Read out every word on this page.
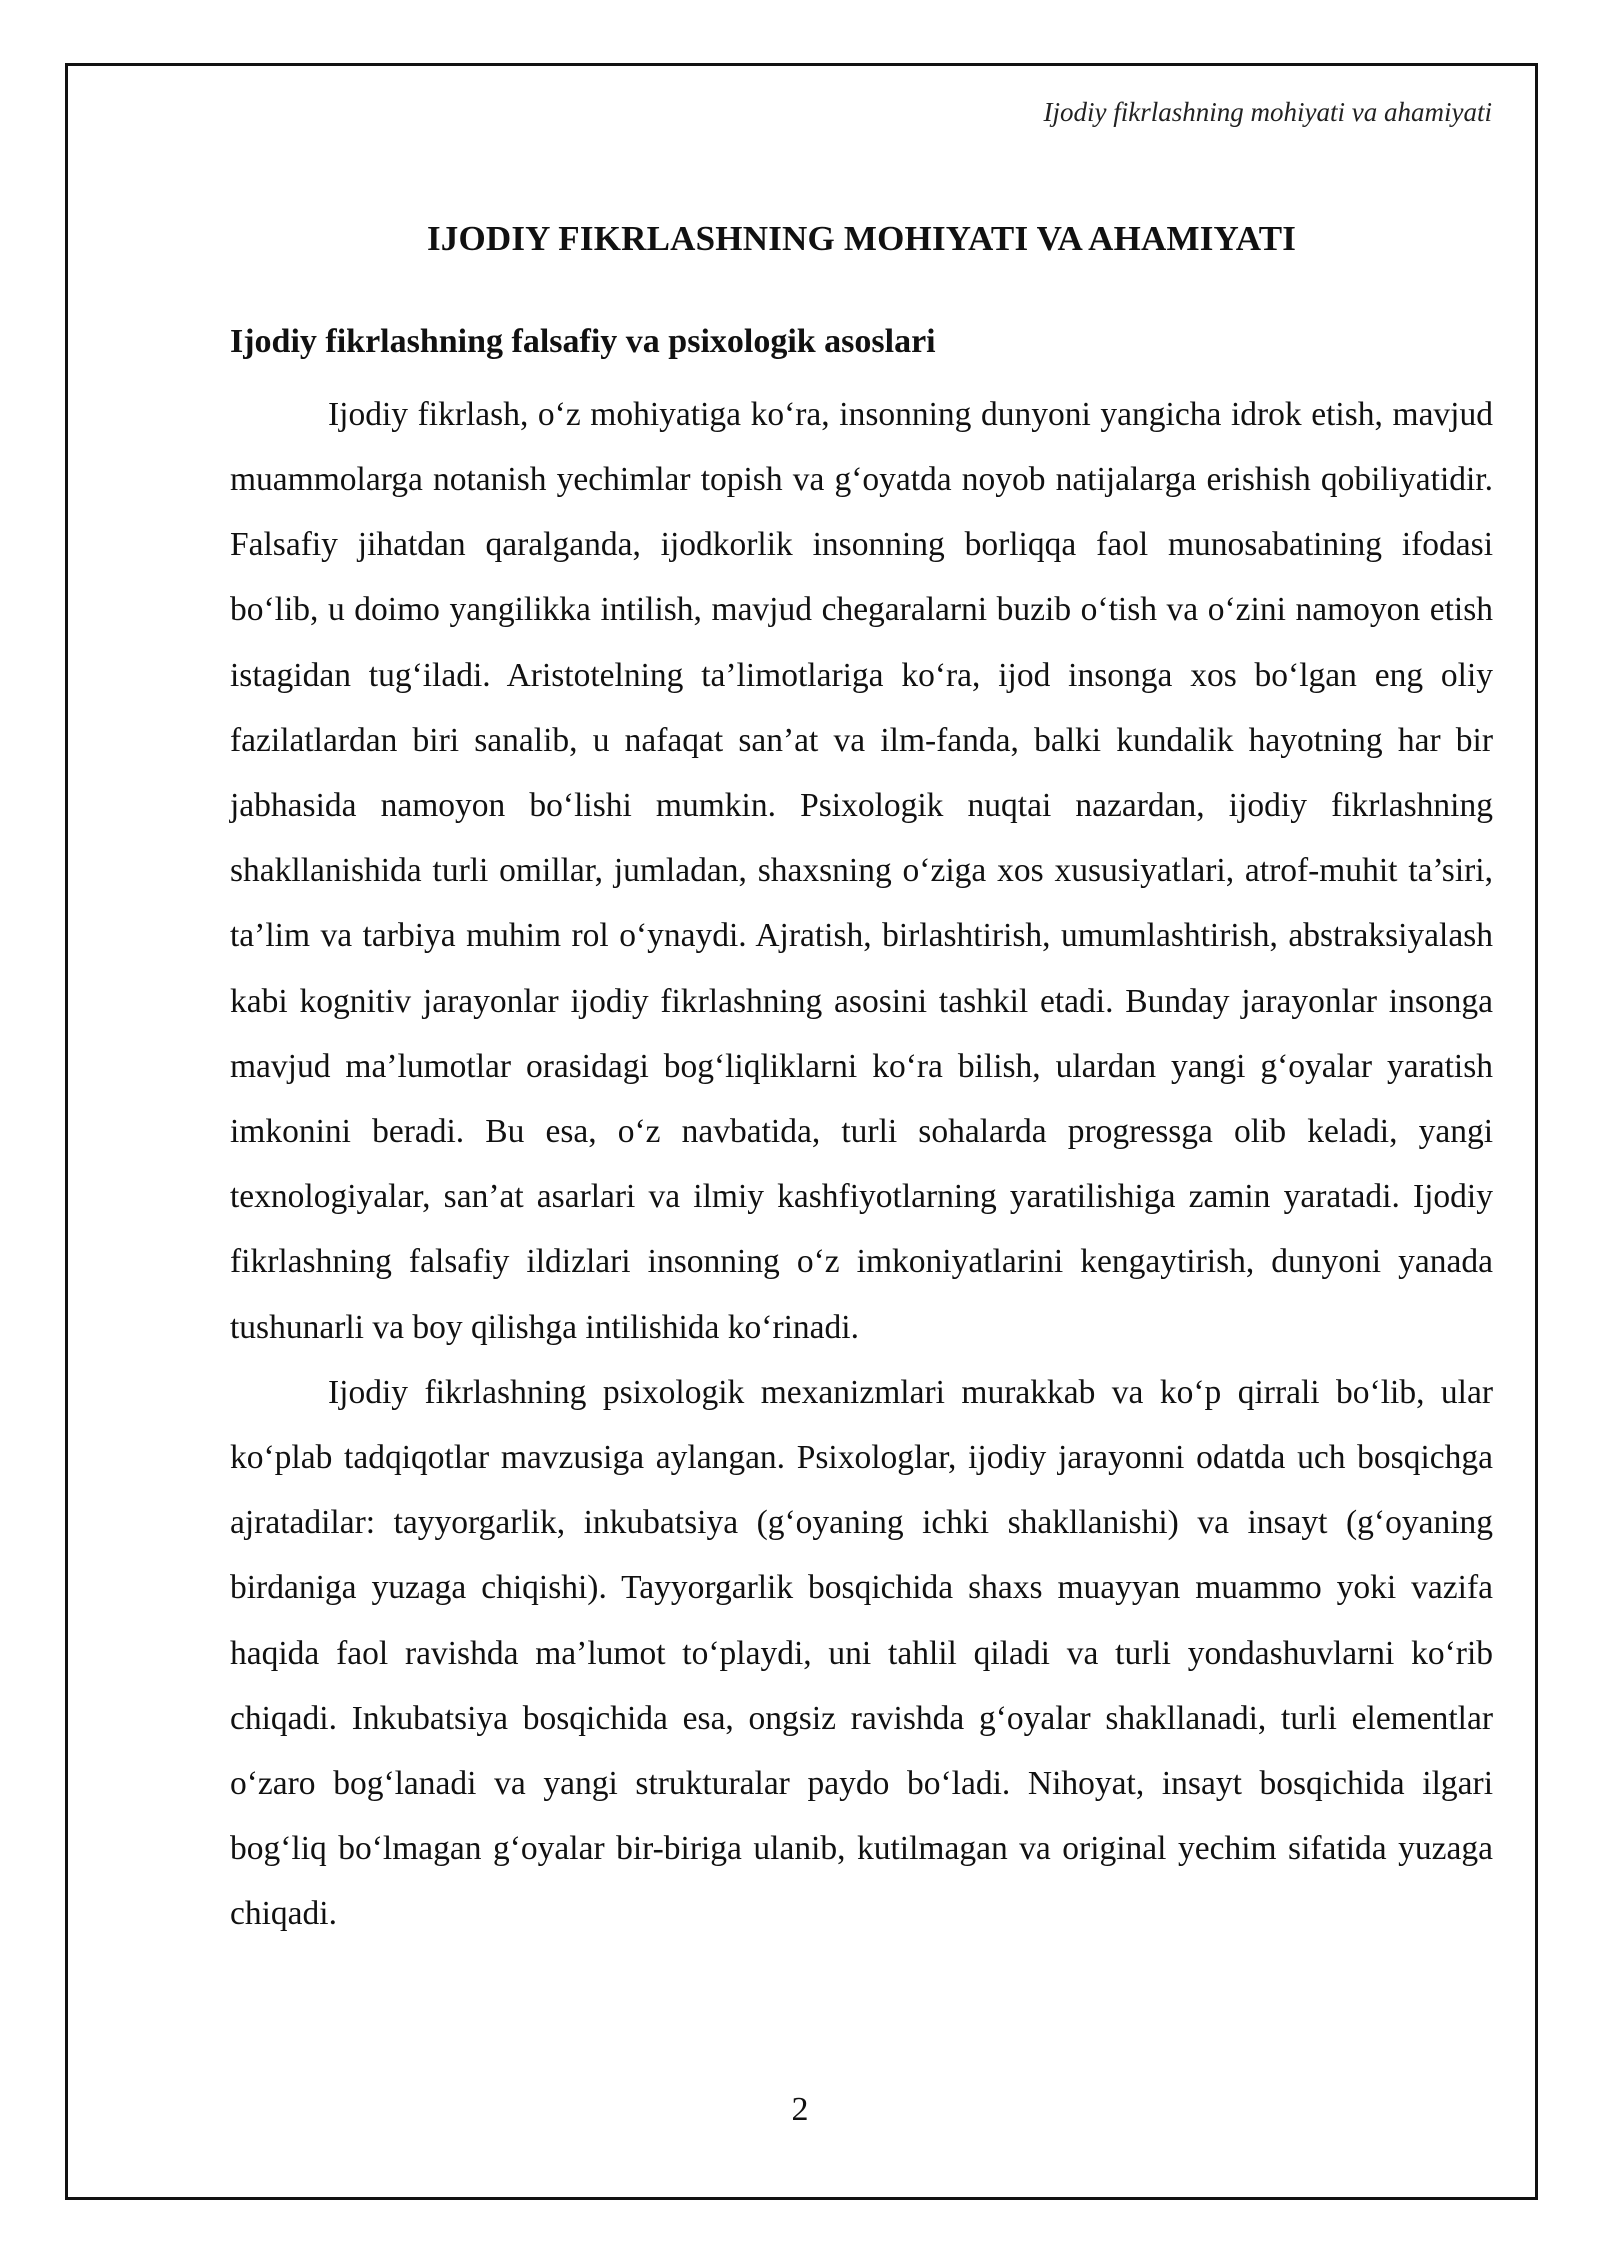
Ijodiy fikrlashning mohiyati va ahamiyati
IJODIY FIKRLASHNING MOHIYATI VA AHAMIYATI
Ijodiy fikrlashning falsafiy va psixologik asoslari

Ijodiy fikrlash, o‘z mohiyatiga ko‘ra, insonning dunyoni yangicha idrok etish, mavjud muammolarga notanish yechimlar topish va g‘oyatda noyob natijalarga erishish qobiliyatidir. Falsafiy jihatdan qaralganda, ijodkorlik insonning borliqqa faol munosabatining ifodasi bo‘lib, u doimo yangilikka intilish, mavjud chegaralarni buzib o‘tish va o‘zini namoyon etish istagidan tug‘iladi. Aristotelning ta’limotlariga ko‘ra, ijod insonga xos bo‘lgan eng oliy fazilatlardan biri sanalib, u nafaqat san’at va ilm-fanda, balki kundalik hayotning har bir jabhasida namoyon bo‘lishi mumkin. Psixologik nuqtai nazardan, ijodiy fikrlashning shakllanishida turli omillar, jumladan, shaxsning o‘ziga xos xususiyatlari, atrof-muhit ta’siri, ta’lim va tarbiya muhim rol o‘ynaydi. Ajratish, birlashtirish, umumlashtirish, abstraksiyalash kabi kognitiv jarayonlar ijodiy fikrlashning asosini tashkil etadi. Bunday jarayonlar insonga mavjud ma’lumotlar orasidagi bog‘liqliklarni ko‘ra bilish, ulardan yangi g‘oyalar yaratish imkonini beradi. Bu esa, o‘z navbatida, turli sohalarda progressga olib keladi, yangi texnologiyalar, san’at asarlari va ilmiy kashfiyotlarning yaratilishiga zamin yaratadi. Ijodiy fikrlashning falsafiy ildizlari insonning o‘z imkoniyatlarini kengaytirish, dunyoni yanada tushunarli va boy qilishga intilishida ko‘rinadi.

Ijodiy fikrlashning psixologik mexanizmlari murakkab va ko‘p qirrali bo‘lib, ular ko‘plab tadqiqotlar mavzusiga aylangan. Psixologlar, ijodiy jarayonni odatda uch bosqichga ajratadilar: tayyorgarlik, inkubatsiya (g‘oyaning ichki shakllanishi) va insayt (g‘oyaning birdaniga yuzaga chiqishi). Tayyorgarlik bosqichida shaxs muayyan muammo yoki vazifa haqida faol ravishda ma’lumot to‘playdi, uni tahlil qiladi va turli yondashuvlarni ko‘rib chiqadi. Inkubatsiya bosqichida esa, ongsiz ravishda g‘oyalar shakllanadi, turli elementlar o‘zaro bog‘lanadi va yangi strukturalar paydo bo‘ladi. Nihoyat, insayt bosqichida ilgari bog‘liq bo‘lmagan g‘oyalar bir-biriga ulanib, kutilmagan va original yechim sifatida yuzaga chiqadi.

2
